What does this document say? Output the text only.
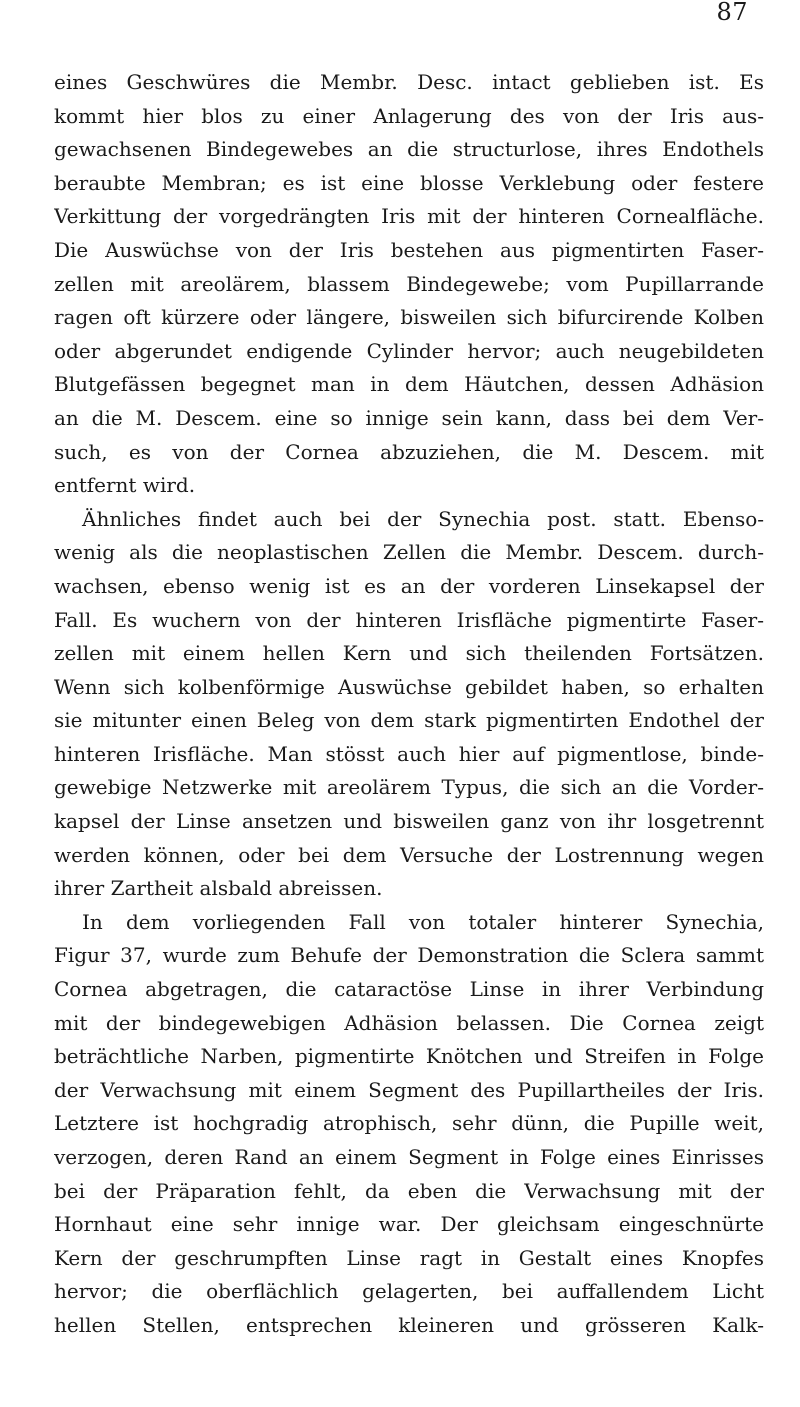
87
eines Geschwüres die Membr. Desc. intact geblieben ist. Es
kommt hier blos zu einer Anlagerung des von der Iris aus-
gewachsenen Bindegewebes an die structurlose, ihres Endothels
beraubte Membran; es ist eine blosse Verklebung oder festere
Verkittung der vorgedrängten Iris mit der hinteren Cornealfläche.
Die Auswüchse von der Iris bestehen aus pigmentirten Faser-
zellen mit areolärem, blassem Bindegewebe; vom Pupillarrande
ragen oft kürzere oder längere, bisweilen sich bifurcirende Kolben
oder abgerundet endigende Cylinder hervor; auch neugebildeten
Blutgefässen begegnet man in dem Häutchen, dessen Adhäsion
an die M. Descem. eine so innige sein kann, dass bei dem Ver-
such, es von der Cornea abzuziehen, die M. Descem. mit
entfernt wird.
Ähnliches findet auch bei der Synechia post. statt. Ebenso-
wenig als die neoplastischen Zellen die Membr. Descem. durch-
wachsen, ebenso wenig ist es an der vorderen Linsekapsel der
Fall. Es wuchern von der hinteren Irisfläche pigmentirte Faser-
zellen mit einem hellen Kern und sich theilenden Fortsätzen.
Wenn sich kolbenförmige Auswüchse gebildet haben, so erhalten
sie mitunter einen Beleg von dem stark pigmentirten Endothel der
hinteren Irisfläche. Man stösst auch hier auf pigmentlose, binde-
gewebige Netzwerke mit areolärem Typus, die sich an die Vorder-
kapsel der Linse ansetzen und bisweilen ganz von ihr losgetrennt
werden können, oder bei dem Versuche der Lostrennung wegen
ihrer Zartheit alsbald abreissen.
In dem vorliegenden Fall von totaler hinterer Synechia,
Figur 37, wurde zum Behufe der Demonstration die Sclera sammt
Cornea abgetragen, die cataractöse Linse in ihrer Verbindung
mit der bindegewebigen Adhäsion belassen. Die Cornea zeigt
beträchtliche Narben, pigmentirte Knötchen und Streifen in Folge
der Verwachsung mit einem Segment des Pupillartheiles der Iris.
Letztere ist hochgradig atrophisch, sehr dünn, die Pupille weit,
verzogen, deren Rand an einem Segment in Folge eines Einrisses
bei der Präparation fehlt, da eben die Verwachsung mit der
Hornhaut eine sehr innige war. Der gleichsam eingeschnürte
Kern der geschrumpften Linse ragt in Gestalt eines Knopfes
hervor; die oberflächlich gelagerten, bei auffallendem Licht
hellen Stellen, entsprechen kleineren und grösseren Kalk-
